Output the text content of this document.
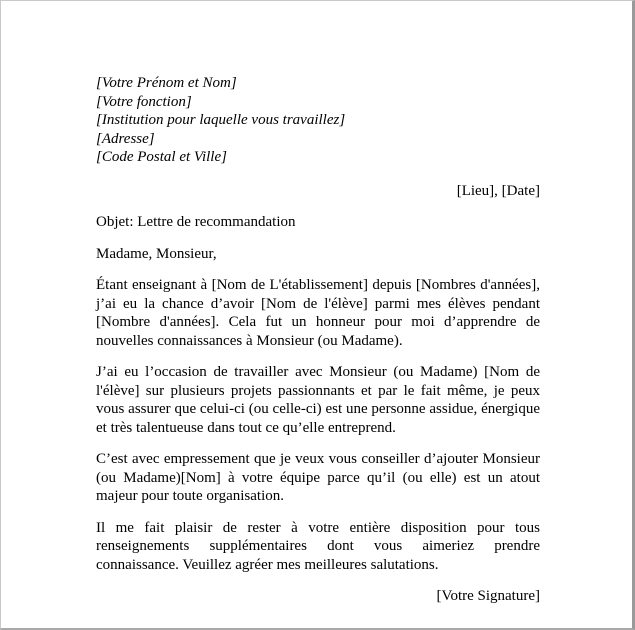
[Votre Prénom et Nom]
[Votre fonction]
[Institution pour laquelle vous travaillez]
[Adresse]
[Code Postal et Ville]
[Lieu], [Date]
Objet: Lettre de recommandation
Madame, Monsieur,

Étant enseignant à [Nom de L'établissement] depuis [Nombres d'années], j’ai eu la chance d’avoir [Nom de l'élève] parmi mes élèves pendant [Nombre d'années]. Cela fut un honneur pour moi d’apprendre de nouvelles connaissances à Monsieur (ou Madame).

J’ai eu l’occasion de travailler avec Monsieur (ou Madame) [Nom de l'élève] sur plusieurs projets passionnants et par le fait même, je peux vous assurer que celui-ci (ou celle-ci) est une personne assidue, énergique et très talentueuse dans tout ce qu’elle entreprend.

C’est avec empressement que je veux vous conseiller d’ajouter Monsieur (ou Madame)[Nom] à votre équipe parce qu’il (ou elle) est un atout majeur pour toute organisation.

Il me fait plaisir de rester à votre entière disposition pour tous renseignements supplémentaires dont vous aimeriez prendre connaissance. Veuillez agréer mes meilleures salutations.

[Votre Signature]
